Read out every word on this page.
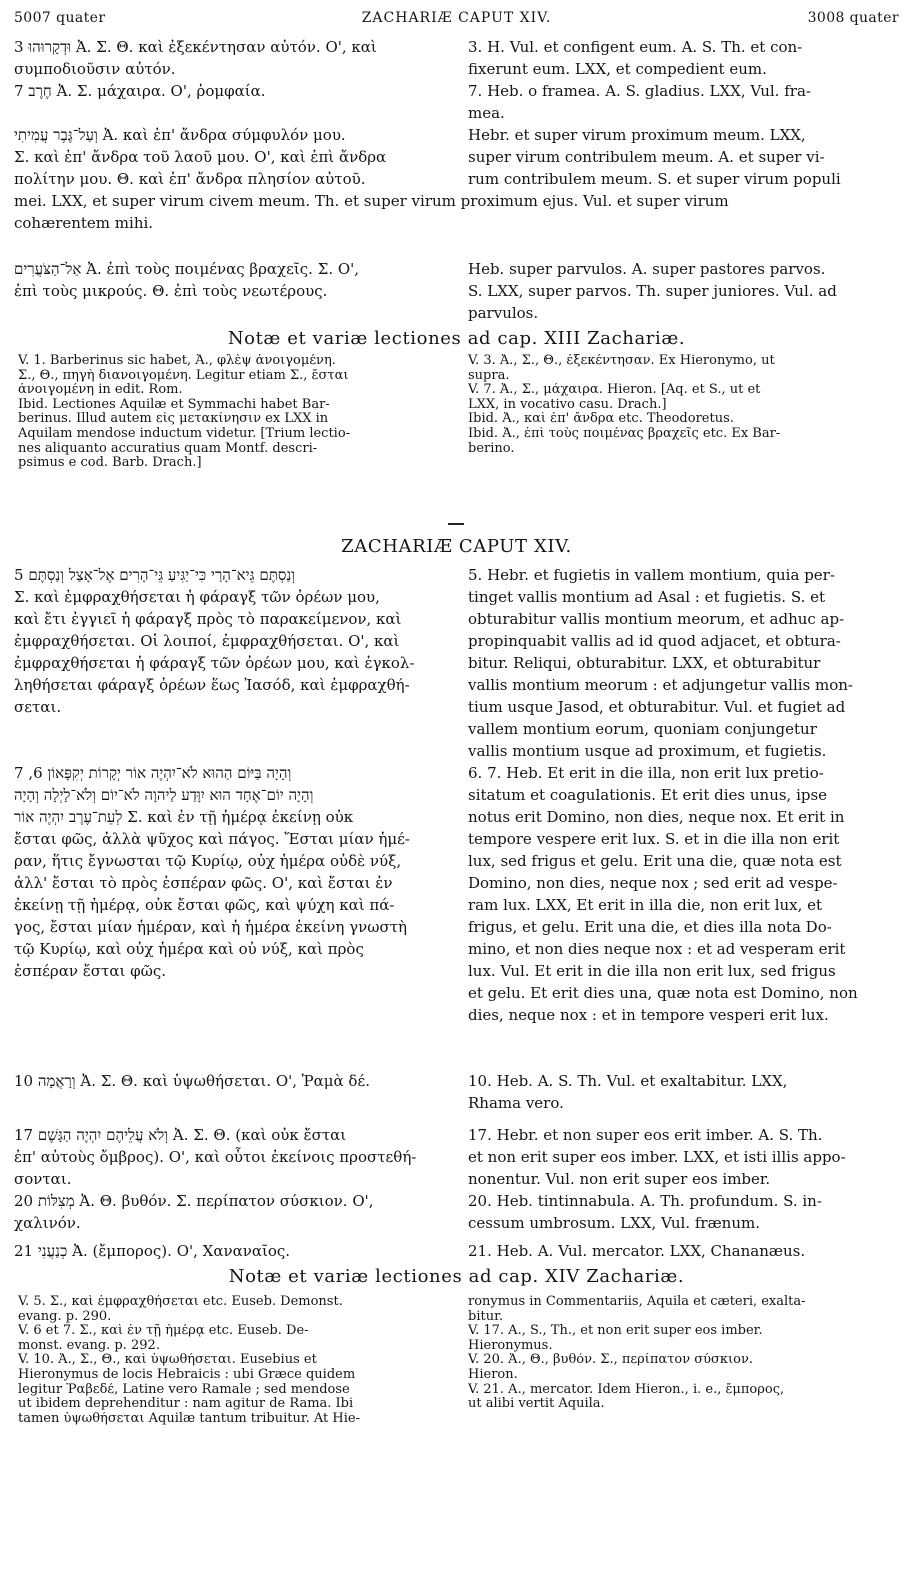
5007 quater	ZACHARIÆ CAPUT XIV.	3008 quater
וּדְקָרוּהוּ 3 Ἀ. Σ. Θ. καὶ ἐξεκέντησαν αὐτόν. Ο', καὶ
συμποδιοῦσιν αὐτόν.
חֶרֶב 7 Ἀ. Σ. μάχαιρα. Ο', ῥομφαία.
וְעַל־גֶּבֶר עֲמִיתִי Ἀ. καὶ ἐπ' ἄνδρα σύμφυλόν μου.
Σ. καὶ ἐπ' ἄνδρα τοῦ λαοῦ μου. Ο', καὶ ἐπὶ ἄνδρα
πολίτην μου. Θ. καὶ ἐπ' ἄνδρα πλησίον αὐτοῦ.
3. H. Vul. et configent eum. A. S. Th. et con-
fixerunt eum. LXX, et compedient eum.
7. Heb. o framea. A. S. gladius. LXX, Vul. fra-
mea.
Hebr. et super virum proximum meum. LXX,
super virum contribulem meum. A. et super vi-
rum contribulem meum. S. et super virum populi
mei. LXX, et super virum civem meum. Th. et super virum proximum ejus. Vul. et super virum
cohærentem mihi.
אַל־הַצֹּעֲרִים Ἀ. ἐπὶ τοὺς ποιμένας βραχεῖς. Σ. Ο',
ἐπὶ τοὺς μικρούς. Θ. ἐπὶ τοὺς νεωτέρους.
Heb. super parvulos. A. super pastores parvos.
S. LXX, super parvos. Th. super juniores. Vul. ad
parvulos.
Notæ et variæ lectiones ad cap. XIII Zachariæ.
V. 1. Barberinus sic habet, Ἀ., φλὲψ ἀνοιγομένη.
Σ., Θ., πηγὴ διανοιγομένη. Legitur etiam Σ., ἔσται
ἀνοιγομένη in edit. Rom.
Ibid. Lectiones Aquilæ et Symmachi habet Bar-
berinus. Illud autem εἰς μετακίνησιν ex LXX in
Aquilam mendose inductum videtur. [Trium lectio-
nes aliquanto accuratius quam Montf. descri-
psimus e cod. Barb. Drach.]
V. 3. Ἀ., Σ., Θ., ἐξεκέντησαν. Ex Hieronymo, ut
supra.
V. 7. Ἀ., Σ., μάχαιρα. Hieron. [Aq. et S., ut et
LXX, in vocativo casu. Drach.]
Ibid. Ἀ., καὶ ἐπ' ἄνδρα etc. Theodoretus.
Ibid. Ἀ., ἐπὶ τοὺς ποιμένας βραχεῖς etc. Ex Bar-
berino.
ZACHARIÆ CAPUT XIV.
וְנַסְתֶּם גֵּיא־הָרַי כִּי־יַגִּיעַ גֵּי־הָרִים אֶל־אָצַל וְנַסְתֶּם 5
Σ. καὶ ἐμφραχθήσεται ἡ φάραγξ τῶν ὀρέων μου,
καὶ ἔτι ἐγγιεῖ ἡ φάραγξ πρὸς τὸ παρακείμενον, καὶ
ἐμφραχθήσεται. Οἱ λοιποί, ἐμφραχθήσεται. Ο', καὶ
ἐμφραχθήσεται ἡ φάραγξ τῶν ὀρέων μου, καὶ ἐγκολ-
ληθήσεται φάραγξ ὀρέων ἕως Ἰασόδ, καὶ ἐμφραχθή-
σεται.
5. Hebr. et fugietis in vallem montium, quia per-
tinget vallis montium ad Asal : et fugietis. S. et
obturabitur vallis montium meorum, et adhuc ap-
propinquabit vallis ad id quod adjacet, et obtura-
bitur. Reliqui, obturabitur. LXX, et obturabitur
vallis montium meorum : et adjungetur vallis mon-
tium usque Jasod, et obturabitur. Vul. et fugiet ad
vallem montium eorum, quoniam conjungetur
vallis montium usque ad proximum, et fugietis.
וְהָיָה בַּיּוֹם הַהוּא לֹא־יִהְיֶה אוֹר יְקָרוֹת יְקִפָּאוֹן 6, 7
וְהָיָה יוֹם־אֶחָד הוּא יִוָּדַע לַיהוָה לֹא־יוֹם וְלֹא־לָיְלָה וְהָיָה
לְעֵת־עֶרֶב יִהְיֶה אוֹר Σ. καὶ ἐν τῇ ἡμέρᾳ ἐκείνῃ οὐκ
ἔσται φῶς, ἀλλὰ ψῦχος καὶ πάγος. Ἔσται μίαν ἡμέ-
ραν, ἥτις ἔγνωσται τῷ Κυρίῳ, οὐχ ἡμέρα οὐδὲ νύξ,
ἀλλ' ἔσται τὸ πρὸς ἑσπέραν φῶς. Ο', καὶ ἔσται ἐν
ἐκείνῃ τῇ ἡμέρᾳ, οὐκ ἔσται φῶς, καὶ ψύχη καὶ πά-
γος, ἔσται μίαν ἡμέραν, καὶ ἡ ἡμέρα ἐκείνη γνωστὴ
τῷ Κυρίῳ, καὶ οὐχ ἡμέρα καὶ οὐ νύξ, καὶ πρὸς
ἑσπέραν ἔσται φῶς.
6. 7. Heb. Et erit in die illa, non erit lux pretio-
sitatum et coagulationis. Et erit dies unus, ipse
notus erit Domino, non dies, neque nox. Et erit in
tempore vespere erit lux. S. et in die illa non erit
lux, sed frigus et gelu. Erit una die, quæ nota est
Domino, non dies, neque nox ; sed erit ad vespe-
ram lux. LXX, Et erit in illa die, non erit lux, et
frigus, et gelu. Erit una die, et dies illa nota Do-
mino, et non dies neque nox : et ad vesperam erit
lux. Vul. Et erit in die illa non erit lux, sed frigus
et gelu. Et erit dies una, quæ nota est Domino, non
dies, neque nox : et in tempore vesperi erit lux.
וְרָאֲמָה 10 Ἀ. Σ. Θ. καὶ ὑψωθήσεται. Ο', Ῥαμὰ δέ.	10. Heb. A. S. Th. Vul. et exaltabitur. LXX,
Rhama vero.
וְלֹא עֲלֵיהֶם יִהְיֶה הַגָּשֶׁם 17 Ἀ. Σ. Θ. (καὶ οὐκ ἔσται
ἐπ' αὐτοὺς ὄμβρος). Ο', καὶ οὗτοι ἐκείνοις προστεθή-
σονται.
17. Hebr. et non super eos erit imber. A. S. Th.
et non erit super eos imber. LXX, et isti illis appo-
nonentur. Vul. non erit super eos imber.
מְצִלּוֹת 20 Ἀ. Θ. βυθόν. Σ. περίπατον σύσκιον. Ο',
χαλινόν.
20. Heb. tintinnabula. A. Th. profundum. S. in-
cessum umbrosum. LXX, Vul. frænum.
כְנַעֲנִי 21 Ἀ. (ἔμπορος). Ο', Χαναναῖος.	21. Heb. A. Vul. mercator. LXX, Chananæus.
Notæ et variæ lectiones ad cap. XIV Zachariæ.
V. 5. Σ., καὶ ἐμφραχθήσεται etc. Euseb. Demonst.
evang. p. 290.
V. 6 et 7. Σ., καὶ ἐν τῇ ἡμέρᾳ etc. Euseb. De-
monst. evang. p. 292.
V. 10. Ἀ., Σ., Θ., καὶ ὑψωθήσεται. Eusebius et
Hieronymus de locis Hebraicis : ubi Græce quidem
legitur Ῥαβεδέ, Latine vero Ramale ; sed mendose
ut ibidem deprehenditur : nam agitur de Rama. Ibi
tamen ὑψωθήσεται Aquilæ tantum tribuitur. At Hie-
ronymus in Commentariis, Aquila et cæteri, exalta-
bitur.
V. 17. A., S., Th., et non erit super eos imber.
Hieronymus.
V. 20. Ἀ., Θ., βυθόν. Σ., περίπατον σύσκιον.
Hieron.
V. 21. A., mercator. Idem Hieron., i. e., ἔμπορος,
ut alibi vertit Aquila.
